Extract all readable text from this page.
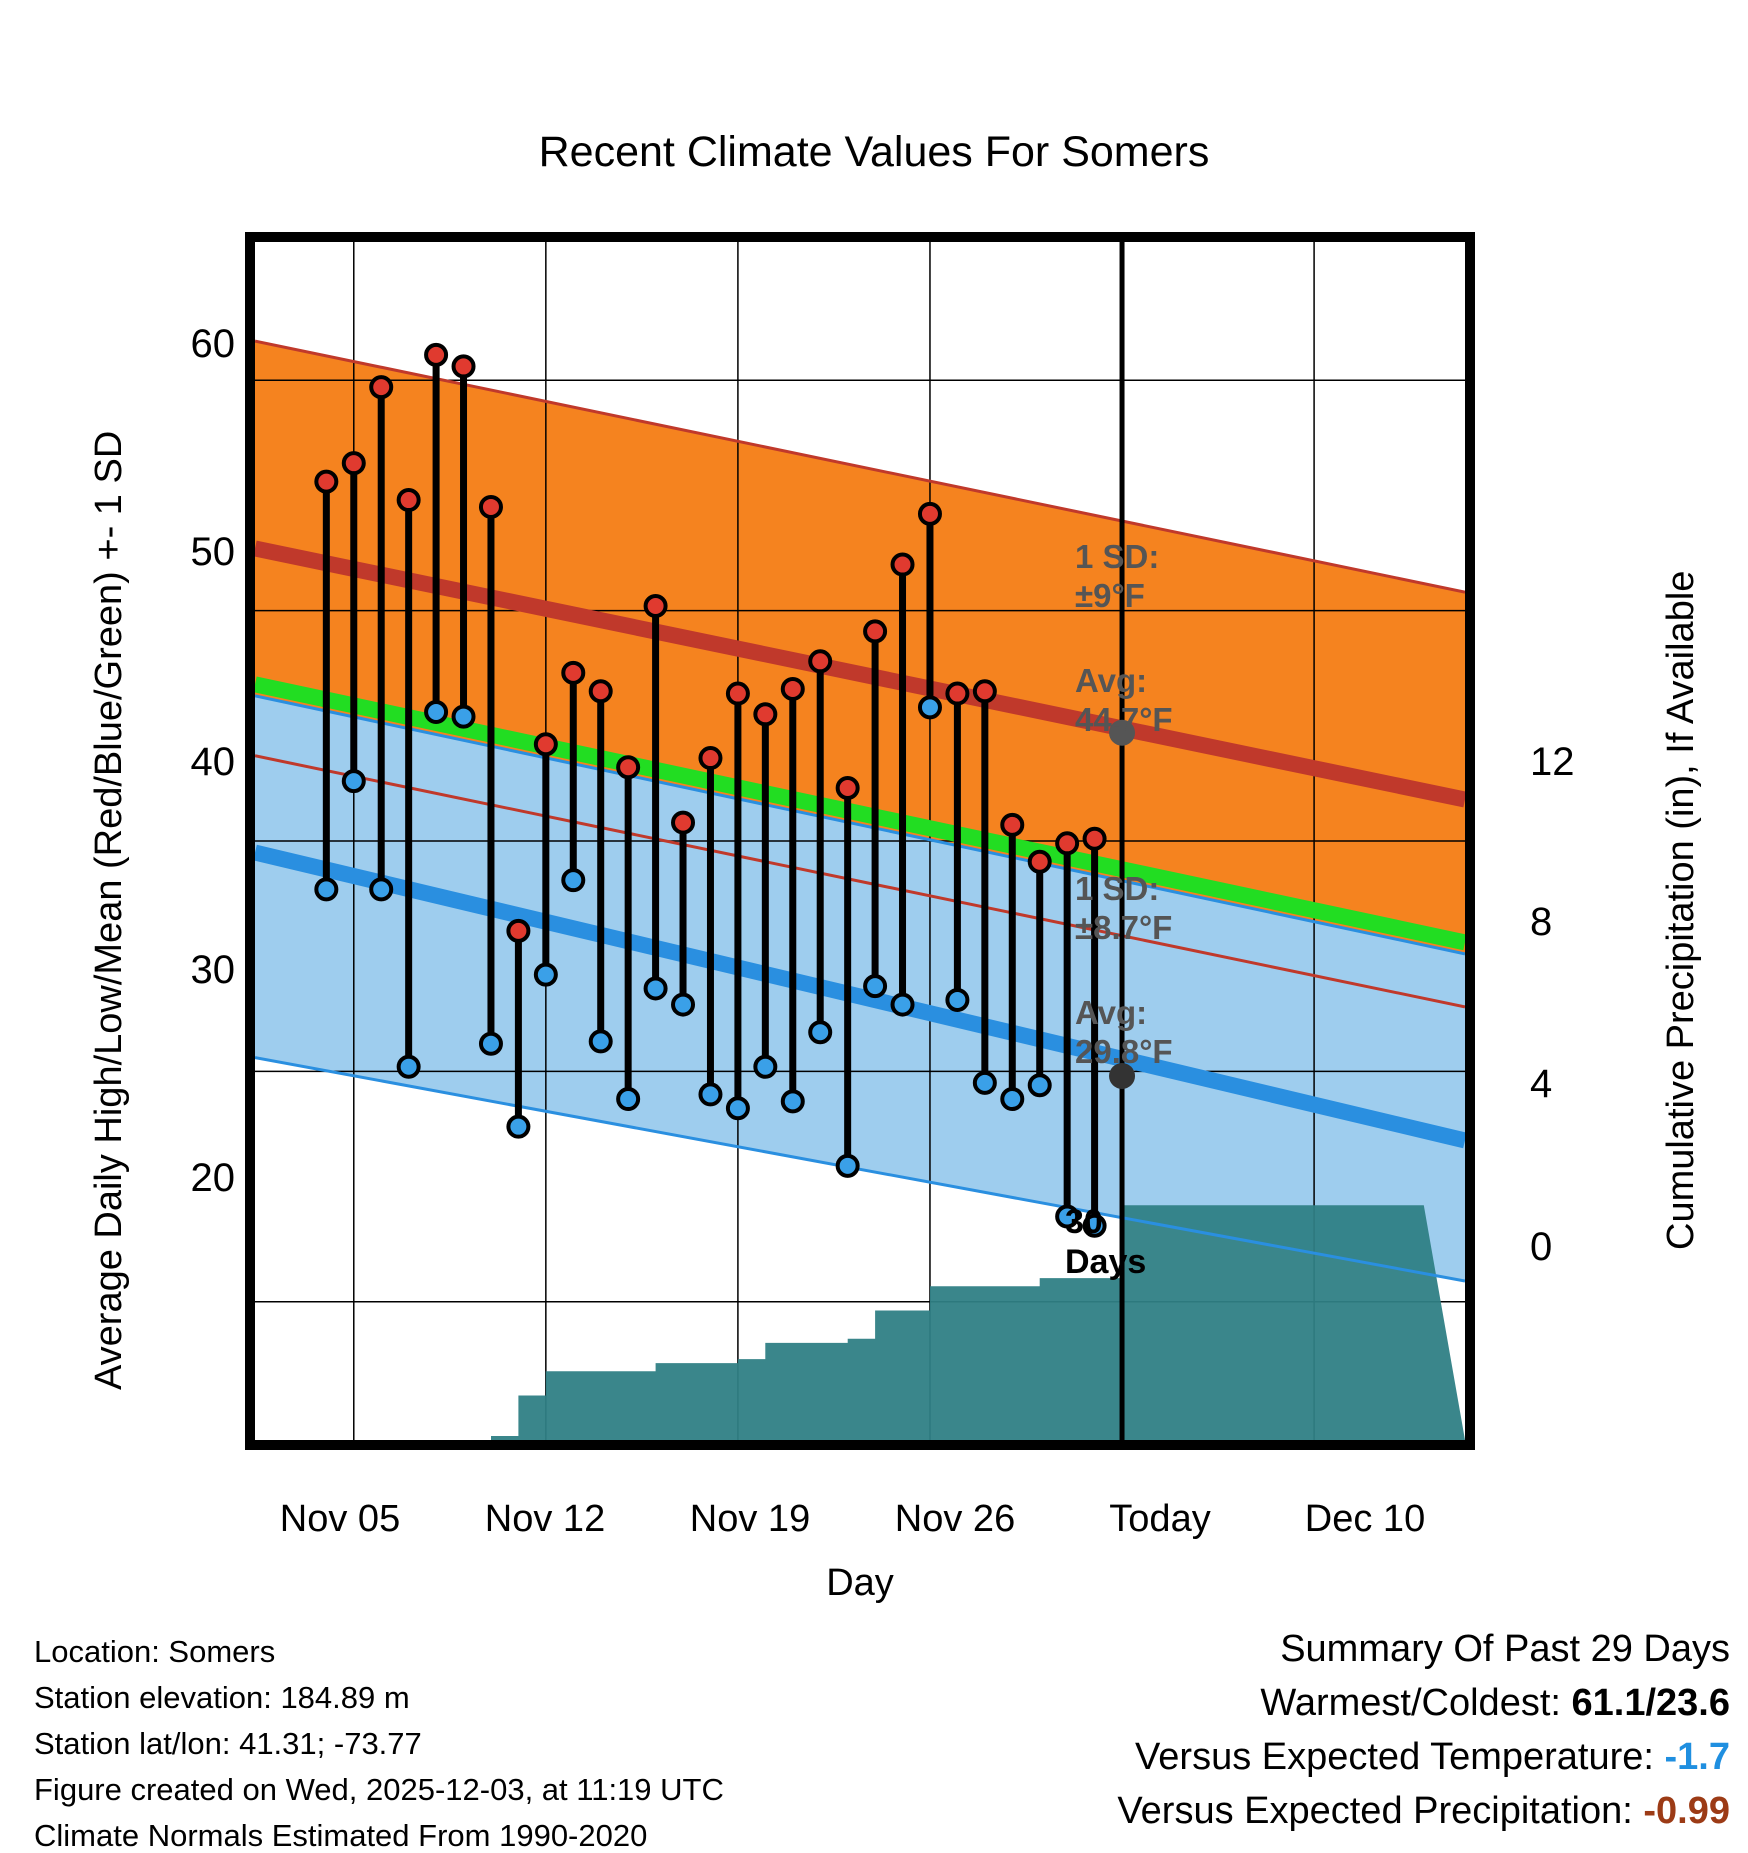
Recent Climate Values For Somers
Average Daily High/Low/Mean (Red/Blue/Green) +- 1 SD	Cumulative Precipitation (in), If Available
1 SD:
±9°F
Avg:
44.7°F
1 SD:
±8.7°F
Avg:
29.8°F
30
Days
60
50
40
30
20
12
8
4
0
Nov 05	Nov 12	Nov 19	Nov 26	Today	Dec 10
Day
Location: Somers
Station elevation: 184.89 m
Station lat/lon: 41.31; -73.77
Figure created on Wed, 2025-12-03, at 11:19 UTC
Climate Normals Estimated From 1990-2020
Summary Of Past 29 Days
Warmest/Coldest: 61.1/23.6
Versus Expected Temperature: -1.7
Versus Expected Precipitation: -0.99
